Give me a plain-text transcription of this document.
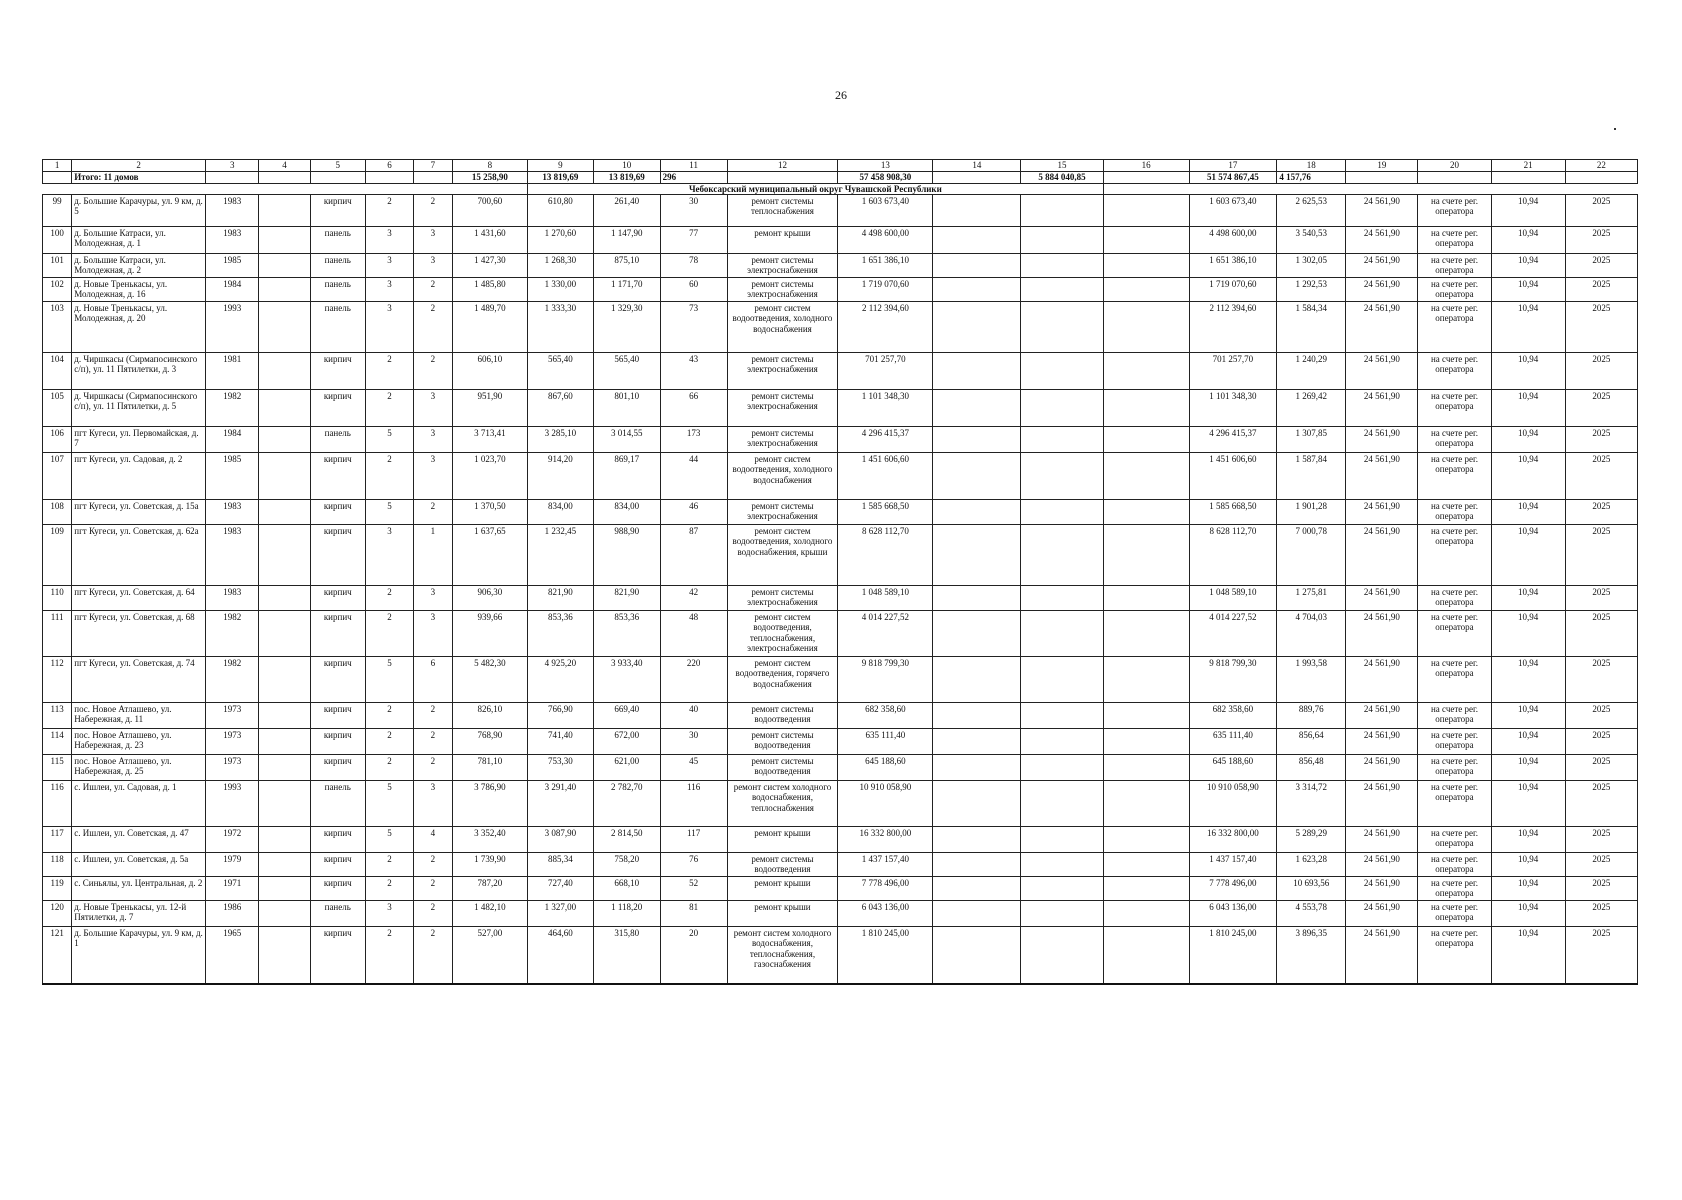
26
1	2	3	4	5	6	7	8	9	10	11	12	13	14	15	16	17	18	19	20	21	22
	Итого: 11 домов						15 258,90	13 819,69	13 819,69	296		57 458 908,30		5 884 040,85		51 574 867,45	4 157,76				
								Чебоксарский муниципальный округ Чувашской Республики													
99	д. Большие Карачуры, ул. 9 км, д. 5	1983		кирпич	2	2	700,60	610,80	261,40	30	ремонт системы теплоснабжения	1 603 673,40				1 603 673,40	2 625,53	24 561,90	на счете рег. оператора	10,94	2025
100	д. Большие Катраси, ул. Молодежная, д. 1	1983		панель	3	3	1 431,60	1 270,60	1 147,90	77	ремонт крыши	4 498 600,00				4 498 600,00	3 540,53	24 561,90	на счете рег. оператора	10,94	2025
101	д. Большие Катраси, ул. Молодежная, д. 2	1985		панель	3	3	1 427,30	1 268,30	875,10	78	ремонт системы электроснабжения	1 651 386,10				1 651 386,10	1 302,05	24 561,90	на счете рег. оператора	10,94	2025
102	д. Новые Тренькасы, ул. Молодежная, д. 16	1984		панель	3	2	1 485,80	1 330,00	1 171,70	60	ремонт системы электроснабжения	1 719 070,60				1 719 070,60	1 292,53	24 561,90	на счете рег. оператора	10,94	2025
103	д. Новые Тренькасы, ул. Молодежная, д. 20	1993		панель	3	2	1 489,70	1 333,30	1 329,30	73	ремонт систем водоотведения, холодного водоснабжения	2 112 394,60				2 112 394,60	1 584,34	24 561,90	на счете рег. оператора	10,94	2025
104	д. Чиршкасы (Сирмапосинского с/п), ул. 11 Пятилетки, д. 3	1981		кирпич	2	2	606,10	565,40	565,40	43	ремонт системы электроснабжения	701 257,70				701 257,70	1 240,29	24 561,90	на счете рег. оператора	10,94	2025
105	д. Чиршкасы (Сирмапосинского с/п), ул. 11 Пятилетки, д. 5	1982		кирпич	2	3	951,90	867,60	801,10	66	ремонт системы электроснабжения	1 101 348,30				1 101 348,30	1 269,42	24 561,90	на счете рег. оператора	10,94	2025
106	пгт Кугеси, ул. Первомайская, д. 7	1984		панель	5	3	3 713,41	3 285,10	3 014,55	173	ремонт системы электроснабжения	4 296 415,37				4 296 415,37	1 307,85	24 561,90	на счете рег. оператора	10,94	2025
107	пгт Кугеси, ул. Садовая, д. 2	1985		кирпич	2	3	1 023,70	914,20	869,17	44	ремонт систем водоотведения, холодного водоснабжения	1 451 606,60				1 451 606,60	1 587,84	24 561,90	на счете рег. оператора	10,94	2025
108	пгт Кугеси, ул. Советская, д. 15а	1983		кирпич	5	2	1 370,50	834,00	834,00	46	ремонт системы электроснабжения	1 585 668,50				1 585 668,50	1 901,28	24 561,90	на счете рег. оператора	10,94	2025
109	пгт Кугеси, ул. Советская, д. 62а	1983		кирпич	3	1	1 637,65	1 232,45	988,90	87	ремонт систем водоотведения, холодного водоснабжения, крыши	8 628 112,70				8 628 112,70	7 000,78	24 561,90	на счете рег. оператора	10,94	2025
110	пгт Кугеси, ул. Советская, д. 64	1983		кирпич	2	3	906,30	821,90	821,90	42	ремонт системы электроснабжения	1 048 589,10				1 048 589,10	1 275,81	24 561,90	на счете рег. оператора	10,94	2025
111	пгт Кугеси, ул. Советская, д. 68	1982		кирпич	2	3	939,66	853,36	853,36	48	ремонт систем водоотведения, теплоснабжения, электроснабжения	4 014 227,52				4 014 227,52	4 704,03	24 561,90	на счете рег. оператора	10,94	2025
112	пгт Кугеси, ул. Советская, д. 74	1982		кирпич	5	6	5 482,30	4 925,20	3 933,40	220	ремонт систем водоотведения, горячего водоснабжения	9 818 799,30				9 818 799,30	1 993,58	24 561,90	на счете рег. оператора	10,94	2025
113	пос. Новое Атлашево, ул. Набережная, д. 11	1973		кирпич	2	2	826,10	766,90	669,40	40	ремонт системы водоотведения	682 358,60				682 358,60	889,76	24 561,90	на счете рег. оператора	10,94	2025
114	пос. Новое Атлашево, ул. Набережная, д. 23	1973		кирпич	2	2	768,90	741,40	672,00	30	ремонт системы водоотведения	635 111,40				635 111,40	856,64	24 561,90	на счете рег. оператора	10,94	2025
115	пос. Новое Атлашево, ул. Набережная, д. 25	1973		кирпич	2	2	781,10	753,30	621,00	45	ремонт системы водоотведения	645 188,60				645 188,60	856,48	24 561,90	на счете рег. оператора	10,94	2025
116	с. Ишлеи, ул. Садовая, д. 1	1993		панель	5	3	3 786,90	3 291,40	2 782,70	116	ремонт систем холодного водоснабжения, теплоснабжения	10 910 058,90				10 910 058,90	3 314,72	24 561,90	на счете рег. оператора	10,94	2025
117	с. Ишлеи, ул. Советская, д. 47	1972		кирпич	5	4	3 352,40	3 087,90	2 814,50	117	ремонт крыши	16 332 800,00				16 332 800,00	5 289,29	24 561,90	на счете рег. оператора	10,94	2025
118	с. Ишлеи, ул. Советская, д. 5а	1979		кирпич	2	2	1 739,90	885,34	758,20	76	ремонт системы водоотведения	1 437 157,40				1 437 157,40	1 623,28	24 561,90	на счете рег. оператора	10,94	2025
119	с. Синьялы, ул. Центральная, д. 2	1971		кирпич	2	2	787,20	727,40	668,10	52	ремонт крыши	7 778 496,00				7 778 496,00	10 693,56	24 561,90	на счете рег. оператора	10,94	2025
120	д. Новые Тренькасы, ул. 12-й Пятилетки, д. 7	1986		панель	3	2	1 482,10	1 327,00	1 118,20	81	ремонт крыши	6 043 136,00				6 043 136,00	4 553,78	24 561,90	на счете рег. оператора	10,94	2025
121	д. Большие Карачуры, ул. 9 км, д. 1	1965		кирпич	2	2	527,00	464,60	315,80	20	ремонт систем холодного водоснабжения, теплоснабжения, газоснабжения	1 810 245,00				1 810 245,00	3 896,35	24 561,90	на счете рег. оператора	10,94	2025
